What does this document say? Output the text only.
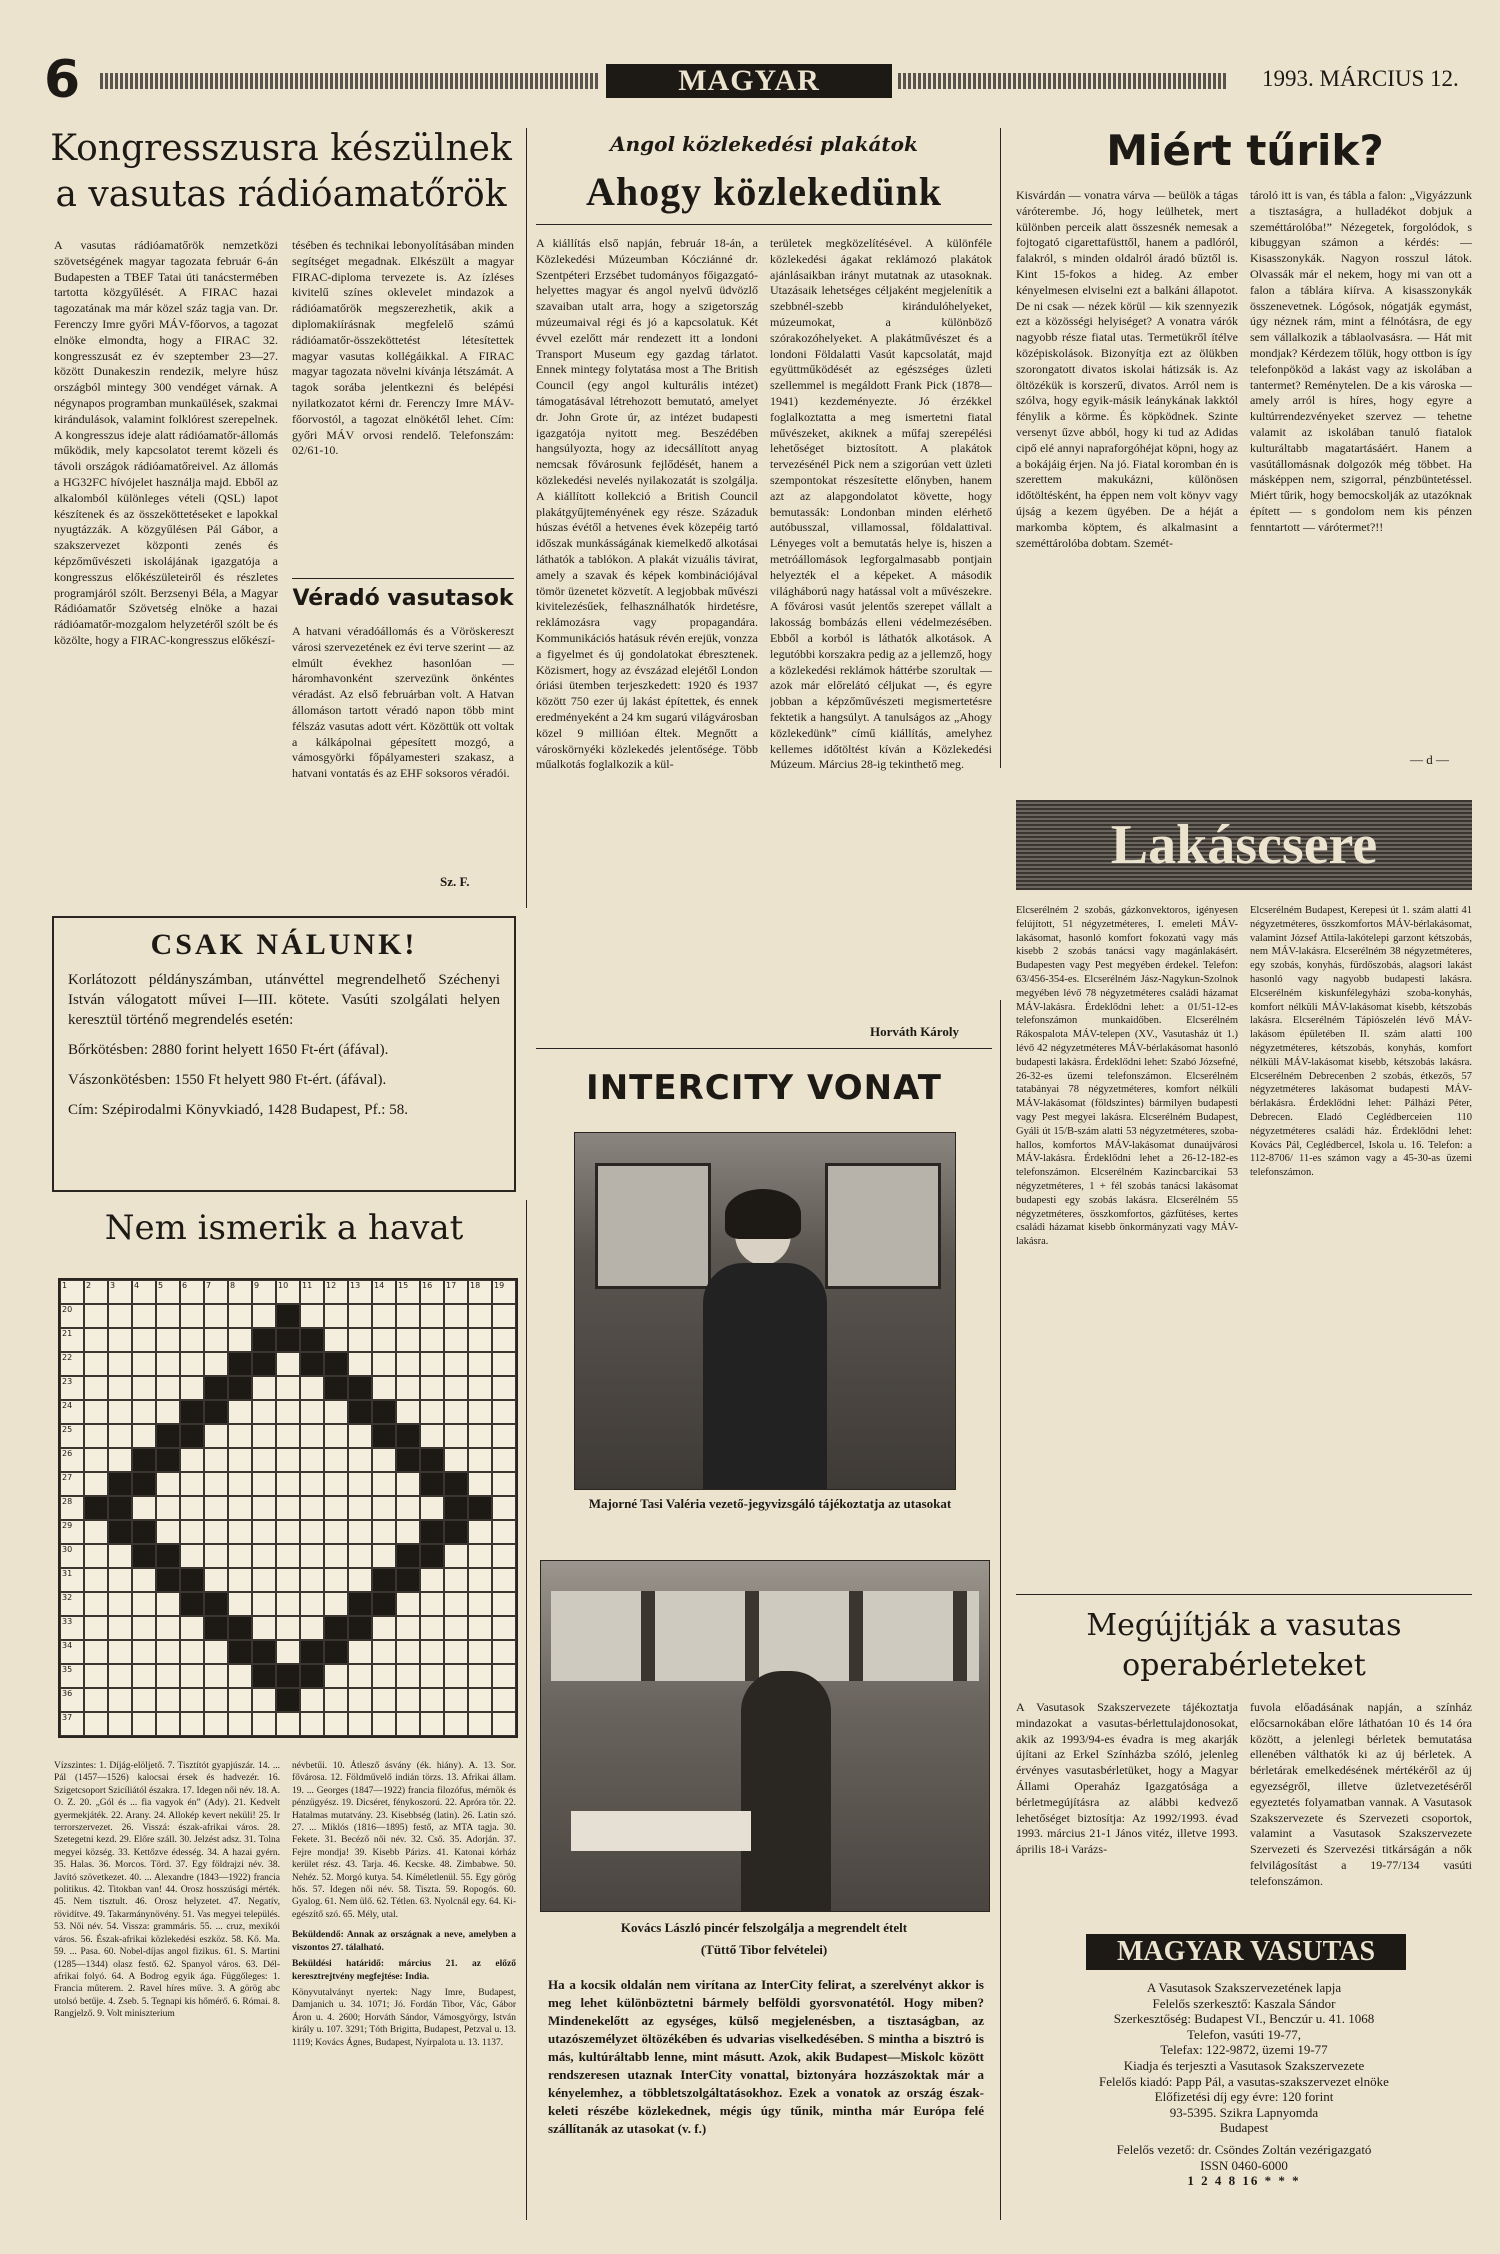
6	MAGYAR VASUTAS
1993. MÁRCIUS 12.
Kongresszusra készülnek
a vasutas rádióamatőrök
A vasutas rádióamatőrök nemzetközi szövetségének magyar tagozata február 6-án Budapesten a TBEF Tatai úti tanácstermében tartotta közgyűlését. A FIRAC hazai tagozatának ma már közel száz tagja van. Dr. Ferenczy Imre győri MÁV-főorvos, a tagozat elnöke elmondta, hogy a FIRAC 32. kongresszusát ez év szeptember 23—27. között Dunakeszin rendezik, melyre húsz országból mintegy 300 vendéget várnak. A négynapos programban munkaülések, szakmai kirándulások, valamint folklórest szerepelnek. A kongresszus ideje alatt rádióamatőr-állomás működik, mely kapcsolatot teremt közeli és távoli országok rádióamatőreivel. Az állomás a HG32FC hívójelet használja majd. Ebből az alkalomból különleges vételi (QSL) lapot készítenek és az összeköttetéseket e lapokkal nyugtázzák. A közgyűlésen Pál Gábor, a szakszervezet központi zenés és képzőművészeti iskolájának igazgatója a kongresszus előkészületeiről és részletes programjáról szólt. Berzsenyi Béla, a Magyar Rádióamatőr Szövetség elnöke a hazai rádióamatőr-mozgalom helyzetéről szólt be és közölte, hogy a FIRAC-kongresszus előkészí-
tésében és technikai lebonyolításában minden segítséget megadnak. Elkészült a magyar FIRAC-diploma tervezete is. Az ízléses kivitelű színes oklevelet mindazok a rádióamatőrök megszerezhetik, akik a diplomakiírásnak megfelelő számú rádióamatőr-összeköttetést létesítettek magyar vasutas kollégáikkal. A FIRAC magyar tagozata növelni kívánja létszámát. A tagok sorába jelentkezni és belépési nyilatkozatot kérni dr. Ferenczy Imre MÁV-főorvostól, a tagozat elnökétől lehet. Cím: győri MÁV orvosi rendelő. Telefonszám: 02/61-10.
Véradó vasutasok
A hatvani véradóállomás és a Vöröskereszt városi szervezetének ez évi terve szerint — az elmúlt évekhez hasonlóan — háromhavonként szervezünk önkéntes véradást. Az első februárban volt. A Hatvan állomáson tartott véradó napon több mint félszáz vasutas adott vért. Közöttük ott voltak a kálkápolnai gépesített mozgó, a vámosgyörki főpályamesteri szakasz, a hatvani vontatás és az EHF soksoros véradói.
Sz. F.
CSAK NÁLUNK!
Korlátozott példányszámban, utánvéttel megrendelhető Széchenyi István válogatott művei I—III. kötete. Vasúti szolgálati helyen keresztül történő megrendelés esetén:
Bőrkötésben: 2880 forint helyett 1650 Ft-ért (áfával).
Vászonkötésben: 1550 Ft helyett 980 Ft-ért. (áfával).
Cím: Szépirodalmi Könyvkiadó, 1428 Budapest, Pf.: 58.
Nem ismerik a havat
1 2 3 4 5 6 7 8 9 10 11 12 13 14 15 16 17 18 19
20
21
22
23
24
25
26
27
28
29
30
31
32
33
34
35
36
37
Vízszintes: 1. Díjág-elöljető. 7. Tisztítót gyapjúszár. 14. ... Pál (1457—1526) kalocsai érsek és hadvezér. 16. Szigetcsoport Szicíliától északra. 17. Idegen női név. 18. A. O. Z. 20. „Gól és ... fia vagyok én” (Ady). 21. Kedvelt gyermekjáték. 22. Arany. 24. Allokép kevert neküli! 25. Ir terrorszervezet. 26. Visszá: észak-afrikai város. 28. Szetegetni kezd. 29. Előre száll. 30. Jelzést adsz. 31. Tolna megyei község. 33. Kettőzve édesség. 34. A hazai gyérn. 35. Halas. 36. Morcos. Törd. 37. Egy földrajzi név. 38. Javító szövetkezet. 40. ... Alexandre (1843—1922) francia politikus. 42. Titokban van! 44. Orosz hosszúsági mérték. 45. Nem tisztult. 46. Orosz helyzetet. 47. Negatív, rövidítve. 49. Takarmánynövény. 51. Vas megyei település. 53. Női név. 54. Vissza: grammáris. 55. ... cruz, mexikói város. 56. Észak-afrikai közlekedési eszköz. 58. Kő. Ma. 59. ... Pasa. 60. Nobel-díjas angol fizikus. 61. S. Martini (1285—1344) olasz festő. 62. Spanyol város. 63. Dél-afrikai folyó. 64. A Bodrog egyik ága. Függőleges: 1. Francia műterem. 2. Ravel híres műve. 3. A görög abc utolsó betűje. 4. Zseb. 5. Tegnapi kis hőmérő. 6. Római. 8. Rangjelző. 9. Volt miniszterium
névbetűi. 10. Átlesző ásvány (ék. hiány). A. 13. Sor. fővárosa. 12. Földművelő indián törzs. 13. Afrikai állam. 19. ... Georges (1847—1922) francia filozófus, mérnök és pénzügyész. 19. Dicséret, fénykoszorú. 22. Apróra tör. 22. Hatalmas mutatvány. 23. Kisebbség (latin). 26. Latin szó. 27. ... Miklós (1816—1895) festő, az MTA tagja. 30. Fekete. 31. Becéző női név. 32. Cső. 35. Adorján. 37. Fejre mondja! 39. Kisebb Párizs. 41. Katonai kórház kerület rész. 43. Tarja. 46. Kecske. 48. Zimbabwe. 50. Nehéz. 52. Morgó kutya. 54. Kíméletlenül. 55. Egy görög hős. 57. Idegen női név. 58. Tiszta. 59. Ropogós. 60. Gyalog. 61. Nem ülő. 62. Tétlen. 63. Nyolcnál egy. 64. Ki-egészítő szó. 65. Mély, utal.
Beküldendő: Annak az országnak a neve, amelyben a viszontos 27. tálalható.
Beküldési határidő: március 21. az előző keresztrejtvény megfejtése: India.
Könyvutalványt nyertek: Nagy Imre, Budapest, Damjanich u. 34. 1071; Jó. Fordán Tibor, Vác, Gábor Áron u. 4. 2600; Horváth Sándor, Vámosgyörgy, István király u. 107. 3291; Tóth Brigitta, Budapest, Petzval u. 13. 1119; Kovács Ágnes, Budapest, Nyírpalota u. 13. 1137.
Angol közlekedési plakátok
Ahogy közlekedünk
A kiállítás első napján, február 18-án, a Közlekedési Múzeumban Kócziánné dr. Szentpéteri Erzsébet tudományos főigazgató-helyettes magyar és angol nyelvű üdvözlő szavaiban utalt arra, hogy a szigetország múzeumaival régi és jó a kapcsolatuk. Két évvel ezelőtt már rendezett itt a londoni Transport Museum egy gazdag tárlatot. Ennek mintegy folytatása most a The British Council (egy angol kulturális intézet) támogatásával létrehozott bemutató, amelyet dr. John Grote úr, az intézet budapesti igazgatója nyitott meg. Beszédében hangsúlyozta, hogy az idecsállított anyag nemcsak fővárosunk fejlődését, hanem a közlekedési nevelés nyilakozatát is szolgálja. A kiállított kollekció a British Council plakátgyűjteményének egy része. Századuk húszas évétől a hetvenes évek közepéig tartó időszak munkásságának kiemelkedő alkotásai láthatók a tablókon. A plakát vizuális távirat, amely a szavak és képek kombinációjával tömör üzenetet közvetít. A legjobbak művészi kivitelezésűek, felhasználhatók hirdetésre, reklámozásra vagy propagandára. Kommunikációs hatásuk révén erejük, vonzza a figyelmet és új gondolatokat ébresztenek. Közismert, hogy az évszázad elejétől London óriási ütemben terjeszkedett: 1920 és 1937 között 750 ezer új lakást építettek, és ennek eredményeként a 24 km sugarú világvárosban közel 9 millióan éltek. Megnőtt a városkörnyéki közlekedés jelentősége. Több műalkotás foglalkozik a kül-
területek megközelítésével. A különféle közlekedési ágakat reklámozó plakátok ajánlásaikban irányt mutatnak az utasoknak. Utazásaik lehetséges céljaként megjelenítik a szebbnél-szebb kirándulóhelyeket, múzeumokat, a különböző szórakozóhelyeket. A plakátművészet és a londoni Földalatti Vasút kapcsolatát, majd együttműködését az egészséges üzleti szellemmel is megáldott Frank Pick (1878—1941) kezdeményezte. Jó érzékkel foglalkoztatta a meg ismertetni fiatal művészeket, akiknek a műfaj szerepélési lehetőséget biztosított. A plakátok tervezésénél Pick nem a szigorúan vett üzleti szempontokat részesítette előnyben, hanem azt az alapgondolatot követte, hogy bemutassák: Londonban minden elérhető autóbusszal, villamossal, földalattival. Lényeges volt a bemutatás helye is, hiszen a metróállomások legforgalmasabb pontjain helyezték el a képeket. A második világháború nagy hatással volt a művészekre. A fővárosi vasút jelentős szerepet vállalt a lakosság bombázás elleni védelmezésében. Ebből a korból is láthatók alkotások. A legutóbbi korszakra pedig az a jellemző, hogy a közlekedési reklámok háttérbe szorultak — azok már előrelátó céljukat —, és egyre jobban a képzőművészeti megismertetésre fektetik a hangsúlyt. A tanulságos az „Ahogy közlekedünk” című kiállítás, amelyhez kellemes időtöltést kíván a Közlekedési Múzeum. Március 28-ig tekinthető meg.
Horváth Károly
INTERCITY VONAT
Majorné Tasi Valéria vezető-jegyvizsgáló tájékoztatja az utasokat
Kovács László pincér felszolgálja a megrendelt ételt
(Tüttő Tibor felvételei)
Ha a kocsik oldalán nem virítana az InterCity felirat, a szerelvényt akkor is meg lehet különböztetni bármely belföldi gyorsvonatétól. Hogy miben? Mindenekelőtt az egységes, külső megjelenésben, a tisztaságban, az utazószemélyzet öltözékében és udvarias viselkedésében. S mintha a bisztró is más, kultúráltabb lenne, mint másutt. Azok, akik Budapest—Miskolc között rendszeresen utaznak InterCity vonattal, biztonyára hozzászoktak már a kényelemhez, a többletszolgáltatásokhoz. Ezek a vonatok az ország észak-keleti részébe közlekednek, mégis úgy tűnik, mintha már Európa felé szállítanák az utasokat (v. f.)
Miért tűrik?
Kisvárdán — vonatra várva — beülök a tágas váróterembe. Jó, hogy leülhetek, mert különben perceik alatt összesnék nemesak a fojtogató cigarettafüsttől, hanem a padlóról, falakról, s minden oldalról áradó bűztől is. Kint 15-fokos a hideg. Az ember kényelmesen elviselni ezt a balkáni állapotot. De ni csak — nézek körül — kik szennyezik ezt a közösségi helyiséget? A vonatra várók nagyobb része fiatal utas. Termetükről ítélve középiskolások. Bizonyítja ezt az ölükben szorongatott divatos iskolai hátizsák is. Az öltözékük is korszerű, divatos. Arról nem is szólva, hogy egyik-másik leánykának lakktól fénylik a körme. És köpködnek. Szinte versenyt űzve abból, hogy ki tud az Adidas cipő elé annyi napraforgóhéjat köpni, hogy az a bokájáig érjen. Na jó. Fiatal koromban én is szerettem makukázni, különösen időtöltésként, ha éppen nem volt könyv vagy újság a kezem ügyében. De a héját a markomba köptem, és alkalmasint a szeméttárolóba dobtam. Szemét-
tároló itt is van, és tábla a falon: „Vigyázzunk a tisztaságra, a hulladékot dobjuk a szeméttárolóba!” Nézegetek, forgolódok, s kibuggyan számon a kérdés: — Kisasszonykák. Nagyon rosszul látok. Olvassák már el nekem, hogy mi van ott a falon a táblára kiírva. A kisasszonykák összenevetnek. Lógósok, nógatják egymást, úgy néznek rám, mint a félnótásra, de egy sem vállalkozik a táblaolvasásra. — Hát mit mondjak? Kérdezem tőlük, hogy ottbon is így telefonpököd a lakást vagy az iskolában a tantermet? Reménytelen. De a kis városka — amely arról is híres, hogy egyre a kultúrrendezvényeket szervez — tehetne valamit az iskolában tanuló fiatalok kulturáltabb magatartásáért. Hanem a vasútállomásnak dolgozók még többet. Ha másképpen nem, szigorral, pénzbüntetéssel. Miért tűrik, hogy bemocskolják az utazóknak épített — s gondolom nem kis pénzen fenntartott — várótermet?!!
— d —
Lakáscsere
Elcserélném 2 szobás, gázkonvektoros, igényesen felújított, 51 négyzetméteres, I. emeleti MÁV-lakásomat, hasonló komfort fokozatú vagy más kisebb 2 szobás tanácsi vagy magánlakásért. Budapesten vagy Pest megyében érdekel. Telefon: 63/456-354-es. Elcserélném Jász-Nagykun-Szolnok megyében lévő 78 négyzetméteres családi házamat MÁV-lakásra. Érdeklődni lehet: a 01/51-12-es telefonszámon munkaidőben. Elcserélném Rákospalota MÁV-telepen (XV., Vasutasház út 1.) lévő 42 négyzetméteres MÁV-bérlakásomat hasonló budapesti lakásra. Érdeklődni lehet: Szabó Józsefné, 26-32-es üzemi telefonszámon. Elcserélném tatabányai 78 négyzetméteres, komfort nélküli MÁV-lakásomat (földszintes) bármilyen budapesti vagy Pest megyei lakásra. Elcserélném Budapest, Gyáli út 15/B-szám alatti 53 négyzetméteres, szoba-hallos, komfortos MÁV-lakásomat dunaújvárosi MÁV-lakásra. Érdeklődni lehet a 26-12-182-es telefonszámon. Elcserélném Kazincbarcikai 53 négyzetméteres, 1 + fél szobás tanácsi lakásomat budapesti egy szobás lakásra. Elcserélném 55 négyzetméteres, összkomfortos, gázfűtéses, kertes családi házamat kisebb önkormányzati vagy MÁV-lakásra.
Elcserélném Budapest, Kerepesi út 1. szám alatti 41 négyzetméteres, összkomfortos MÁV-bérlakásomat, valamint József Attila-lakótelepi garzont kétszobás, nem MÁV-lakásra. Elcserélném 38 négyzetméteres, egy szobás, konyhás, fürdőszobás, alagsori lakást hasonló vagy nagyobb budapesti lakásra. Elcserélném kiskunfélegyházi szoba-konyhás, komfort nélküli MÁV-lakásomat kisebb, kétszobás lakásra. Elcserélném Tápiószelén lévő MÁV-lakásom épületében II. szám alatti 100 négyzetméteres, kétszobás, konyhás, komfort nélküli MÁV-lakásomat kisebb, kétszobás lakásra. Elcserélném Debrecenben 2 szobás, étkezős, 57 négyzetméteres lakásomat budapesti MÁV-bérlakásra. Érdeklődni lehet: Pálházi Péter, Debrecen. Eladó Ceglédberceien 110 négyzetméteres családi ház. Érdeklődni lehet: Kovács Pál, Ceglédbercel, Iskola u. 16. Telefon: a 112-8706/ 11-es számon vagy a 45-30-as üzemi telefonszámon.
Megújítják a vasutas
operabérleteket
A Vasutasok Szakszervezete tájékoztatja mindazokat a vasutas-bérlettulajdonosokat, akik az 1993/94-es évadra is meg akarják újítani az Erkel Színházba szóló, jelenleg érvényes vasutasbérletüket, hogy a Magyar Állami Operaház Igazgatósága a bérletmegújításra az alábbi kedvező lehetőséget biztosítja: Az 1992/1993. évad 1993. március 21-1 János vitéz, illetve 1993. április 18-i Varázs-
fuvola előadásának napján, a színház előcsarnokában előre láthatóan 10 és 14 óra között, a jelenlegi bérletek bemutatása ellenében válthatók ki az új bérletek. A bérletárak emelkedésének mértékéről az új egyezségről, illetve üzletvezetéséről egyeztetés folyamatban vannak. A Vasutasok Szakszervezete és Szervezeti csoportok, valamint a Vasutasok Szakszervezete Szervezeti és Szervezési titkárságán a nők felvilágosítást a 19-77/134 vasúti telefonszámon.
MAGYAR VASUTAS
A Vasutasok Szakszervezetének lapja
Felelős szerkesztő: Kaszala Sándor
Szerkesztőség: Budapest VI., Benczúr u. 41. 1068
Telefon, vasúti 19-77,
Telefax: 122-9872, üzemi 19-77
Kiadja és terjeszti a Vasutasok Szakszervezete
Felelős kiadó: Papp Pál, a vasutas-szakszervezet elnöke
Előfizetési díj egy évre: 120 forint
93-5395. Szikra Lapnyomda
Budapest
Felelős vezető: dr. Csöndes Zoltán vezérigazgató
ISSN 0460-6000
1 2 4 8 16 * * *
